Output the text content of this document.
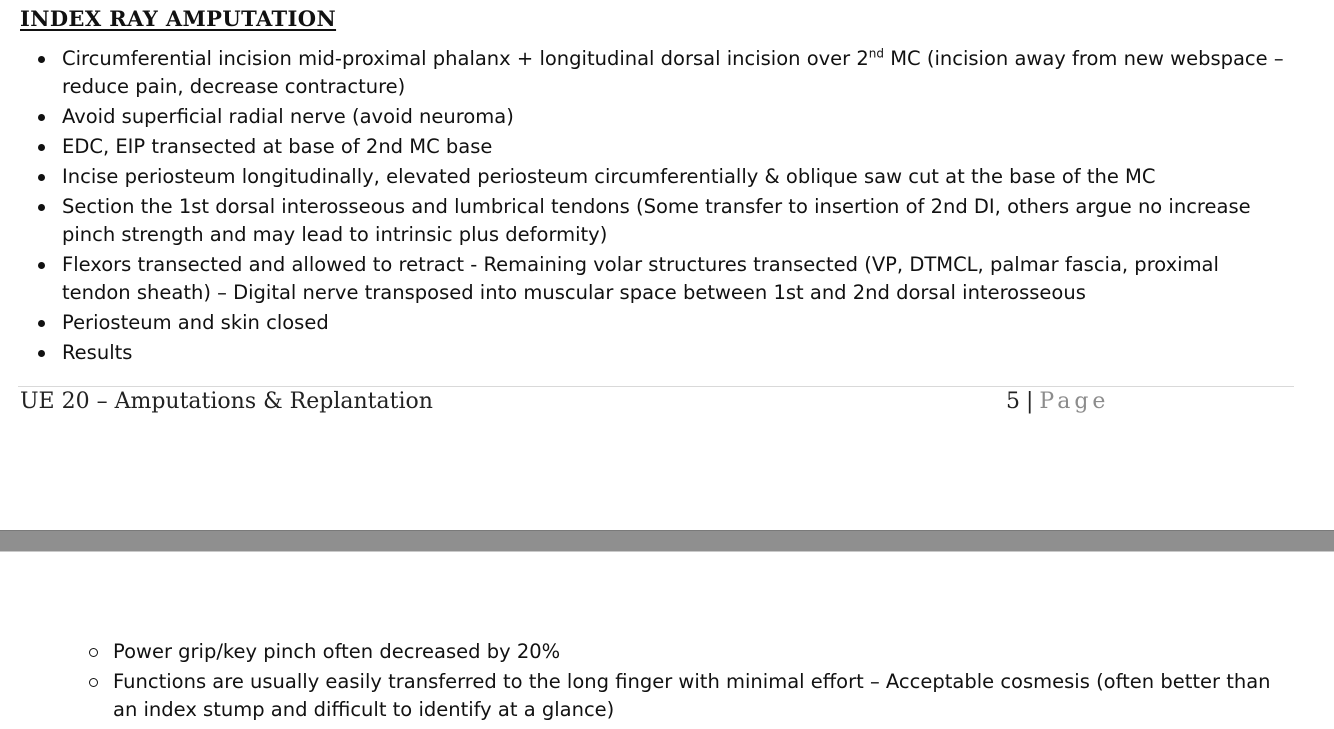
INDEX RAY AMPUTATION
Circumferential incision mid-proximal phalanx + longitudinal dorsal incision over 2nd MC (incision away from new webspace – reduce pain, decrease contracture)
Avoid superficial radial nerve (avoid neuroma)
EDC, EIP transected at base of 2nd MC base
Incise periosteum longitudinally, elevated periosteum circumferentially & oblique saw cut at the base of the MC
Section the 1st dorsal interosseous and lumbrical tendons (Some transfer to insertion of 2nd DI, others argue no increase pinch strength and may lead to intrinsic plus deformity)
Flexors transected and allowed to retract - Remaining volar structures transected (VP, DTMCL, palmar fascia, proximal tendon sheath) – Digital nerve transposed into muscular space between 1st and 2nd dorsal interosseous
Periosteum and skin closed
Results
UE 20 – Amputations & Replantation	5 | Page
Power grip/key pinch often decreased by 20%
Functions are usually easily transferred to the long finger with minimal effort – Acceptable cosmesis (often better than an index stump and difficult to identify at a glance)
